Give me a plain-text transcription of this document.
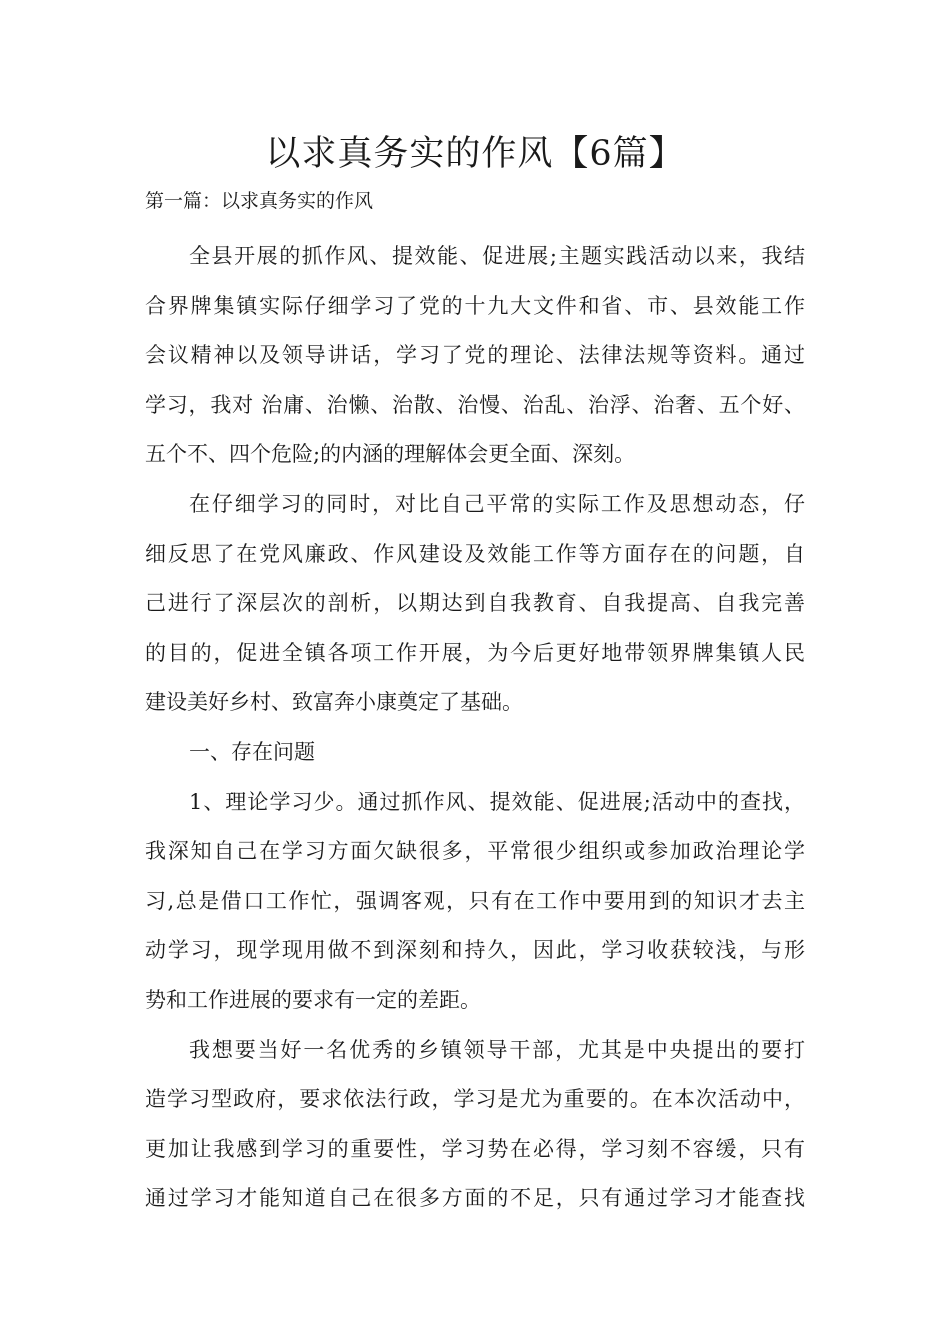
以求真务实的作风【6篇】
第一篇：以求真务实的作风
全县开展的抓作风、提效能、促进展;主题实践活动以来，我结
合界牌集镇实际仔细学习了党的十九大文件和省、市、县效能工作
会议精神以及领导讲话，学习了党的理论、法律法规等资料。通过
学习，我对 治庸、治懒、治散、治慢、治乱、治浮、治奢、五个好、
五个不、四个危险;的内涵的理解体会更全面、深刻。
在仔细学习的同时，对比自己平常的实际工作及思想动态，仔
细反思了在党风廉政、作风建设及效能工作等方面存在的问题，自
己进行了深层次的剖析，以期达到自我教育、自我提高、自我完善
的目的，促进全镇各项工作开展，为今后更好地带领界牌集镇人民
建设美好乡村、致富奔小康奠定了基础。
一、存在问题
1、理论学习少。通过抓作风、提效能、促进展;活动中的查找，
我深知自己在学习方面欠缺很多，平常很少组织或参加政治理论学
习,总是借口工作忙，强调客观，只有在工作中要用到的知识才去主
动学习，现学现用做不到深刻和持久，因此，学习收获较浅，与形
势和工作进展的要求有一定的差距。
我想要当好一名优秀的乡镇领导干部，尤其是中央提出的要打
造学习型政府，要求依法行政，学习是尤为重要的。在本次活动中，
更加让我感到学习的重要性，学习势在必得，学习刻不容缓，只有
通过学习才能知道自己在很多方面的不足，只有通过学习才能查找
